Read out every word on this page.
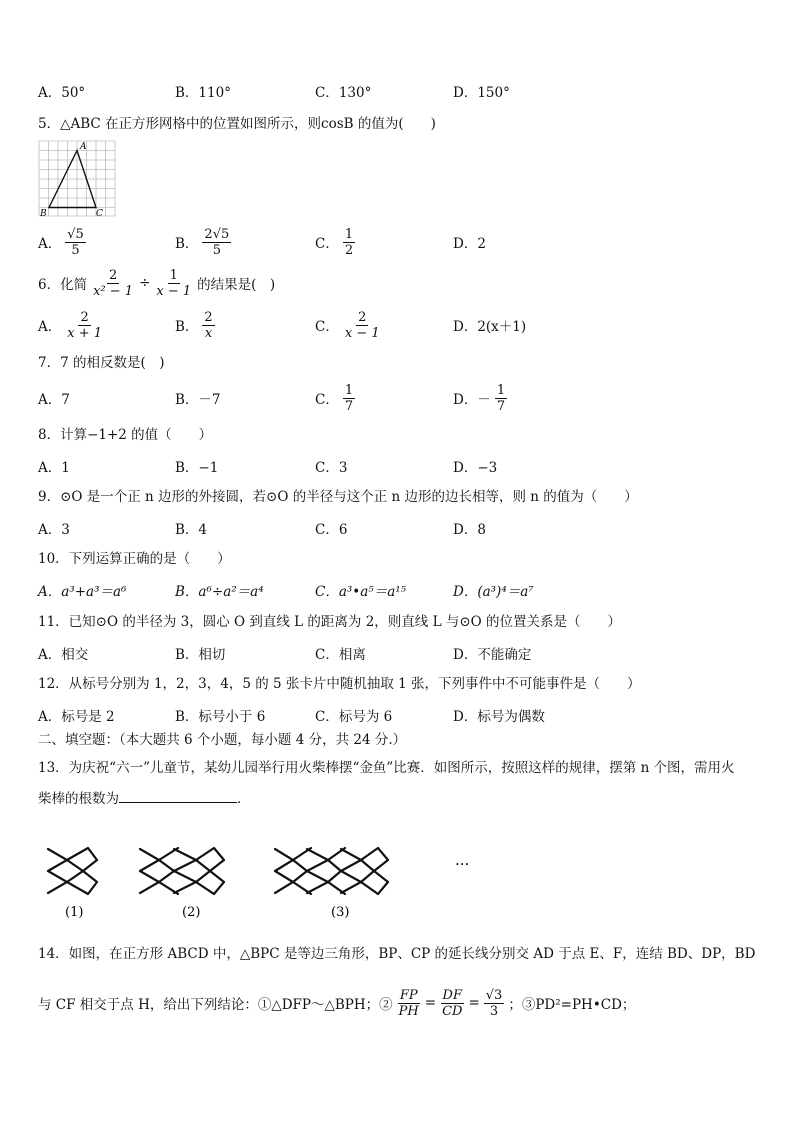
A．50°	B．110°	C．130°	D．150°
5．△ABC 在正方形网格中的位置如图所示，则cosB 的值为(　　)
A
B	C
A． $\frac{√5}{5}$	B． $\frac{2√5}{5}$	C． $\frac{1}{2}$	D．2
6．化简 $\frac{2}{\text{x² − 1}} \div \frac{1}{x - 1}$ 的结果是(　)
A． $\frac{2}{x + 1}$	B． $\frac{2}{x}$	C． $\frac{2}{x - 1}$	D．2(x＋1)
7．7 的相反数是(　)
A．7	B．－7	C． $\frac{1}{7}$	D．－ $\frac{1}{7}$
8．计算−1+2 的值（　　）
A．1	B．−1	C．3	D．−3
9．⊙O 是一个正 n 边形的外接圆，若⊙O 的半径与这个正 n 边形的边长相等，则 n 的值为（　　）
A．3	B．4	C．6	D．8
10．下列运算正确的是（　　）
A．a³+a³＝a⁶	B．a⁶÷a²＝a⁴	C．a³•a⁵＝a¹⁵	D．(a³)⁴＝a⁷
11．已知⊙O 的半径为 3，圆心 O 到直线 L 的距离为 2，则直线 L 与⊙O 的位置关系是（　　）
A．相交	B．相切	C．相离	D．不能确定
12．从标号分别为 1，2，3，4，5 的 5 张卡片中随机抽取 1 张，下列事件中不可能事件是（　　）
A．标号是 2	B．标号小于 6	C．标号为 6	D．标号为偶数
二、填空题：（本大题共 6 个小题，每小题 4 分，共 24 分.）
13．为庆祝“六一”儿童节，某幼儿园举行用火柴棒摆“金鱼”比赛．如图所示，按照这样的规律，摆第 n 个图，需用火
柴棒的根数为	．
···
(1)	(2)	(3)
14．如图，在正方形 ABCD 中，△BPC 是等边三角形，BP、CP 的延长线分别交 AD 于点 E、F，连结 BD、DP，BD
与 CF 相交于点 H，给出下列结论：①△DFP～△BPH；② $\frac{FP}{PH} = \frac{DF}{CD} = \frac{√3}{3}$ ；③PD²=PH•CD；
